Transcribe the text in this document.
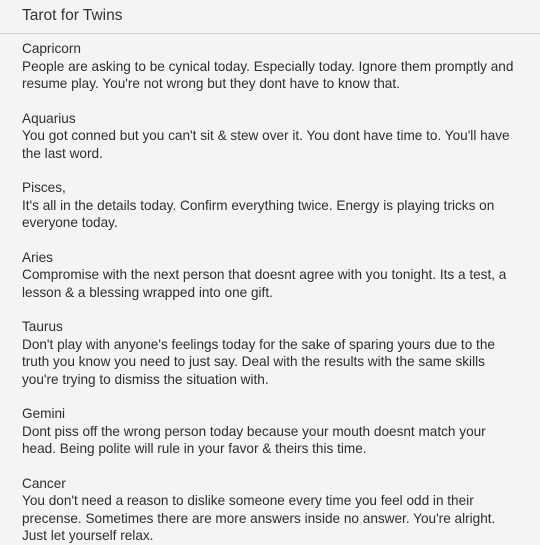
Tarot for Twins
Capricorn
People are asking to be cynical today. Especially today. Ignore them promptly and resume play. You're not wrong but they dont have to know that.
Aquarius
You got conned but you can't sit & stew over it. You dont have time to. You'll have the last word.
Pisces,
It's all in the details today. Confirm everything twice. Energy is playing tricks on everyone today.
Aries
Compromise with the next person that doesnt agree with you tonight. Its a test, a lesson & a blessing wrapped into one gift.
Taurus
Don't play with anyone's feelings today for the sake of sparing yours due to the truth you know you need to just say. Deal with the results with the same skills you're trying to dismiss the situation with.
Gemini
Dont piss off the wrong person today because your mouth doesnt match your head. Being polite will rule in your favor & theirs this time.
Cancer
You don't need a reason to dislike someone every time you feel odd in their precense. Sometimes there are more answers inside no answer. You're alright. Just let yourself relax.
